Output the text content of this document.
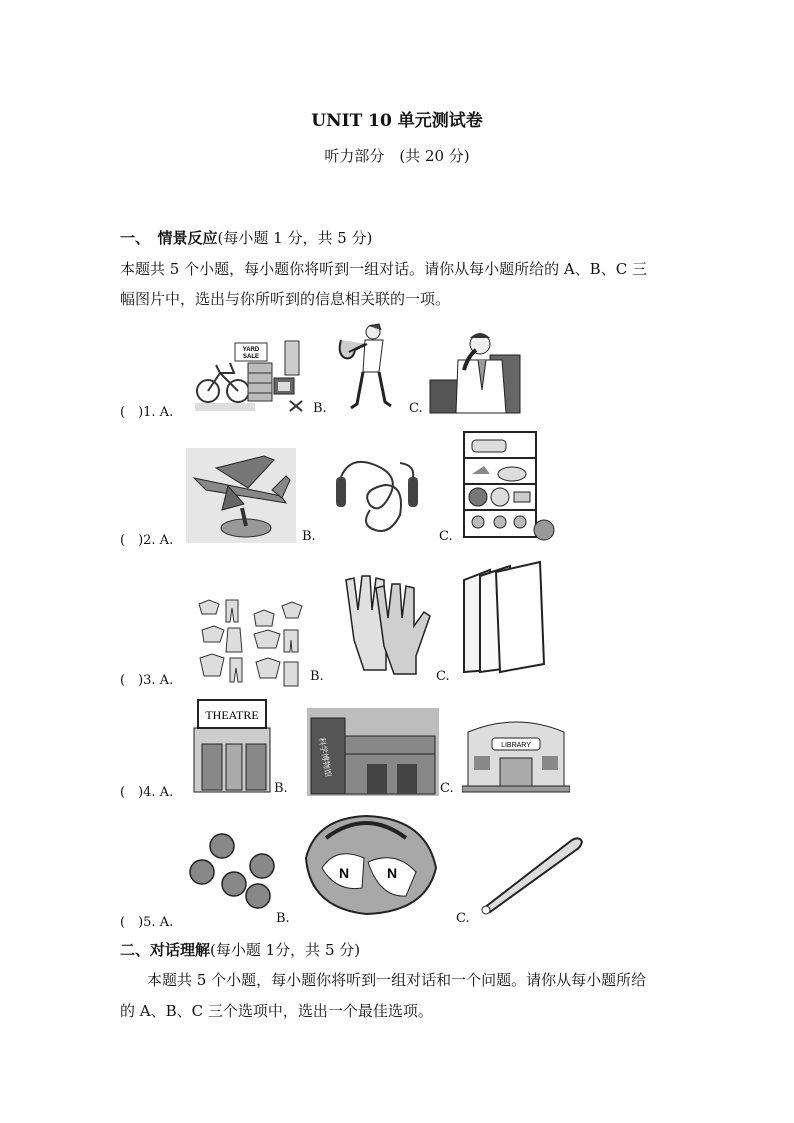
UNIT 10 单元测试卷
听力部分　(共 20 分)
一、　情景反应(每小题 1 分，共 5 分)
本题共 5 个小题，每小题你将听到一组对话。请你从每小题所给的 A、B、C 三
幅图片中，选出与你所听到的信息相关联的一项。
(　)1. A.	B.	C.
YARD
SALE
(　)2. A.	B.	C.
(　)3. A.	B.	C.
(　)4. A.	B.	C.
THEATRE
科学博物馆	LIBRARY
(　)5. A.	B.	C.
N	N
二、对话理解(每小题 1分，共 5 分)
本题共 5 个小题，每小题你将听到一组对话和一个问题。请你从每小题所给
的 A、B、C 三个选项中，选出一个最佳选项。
